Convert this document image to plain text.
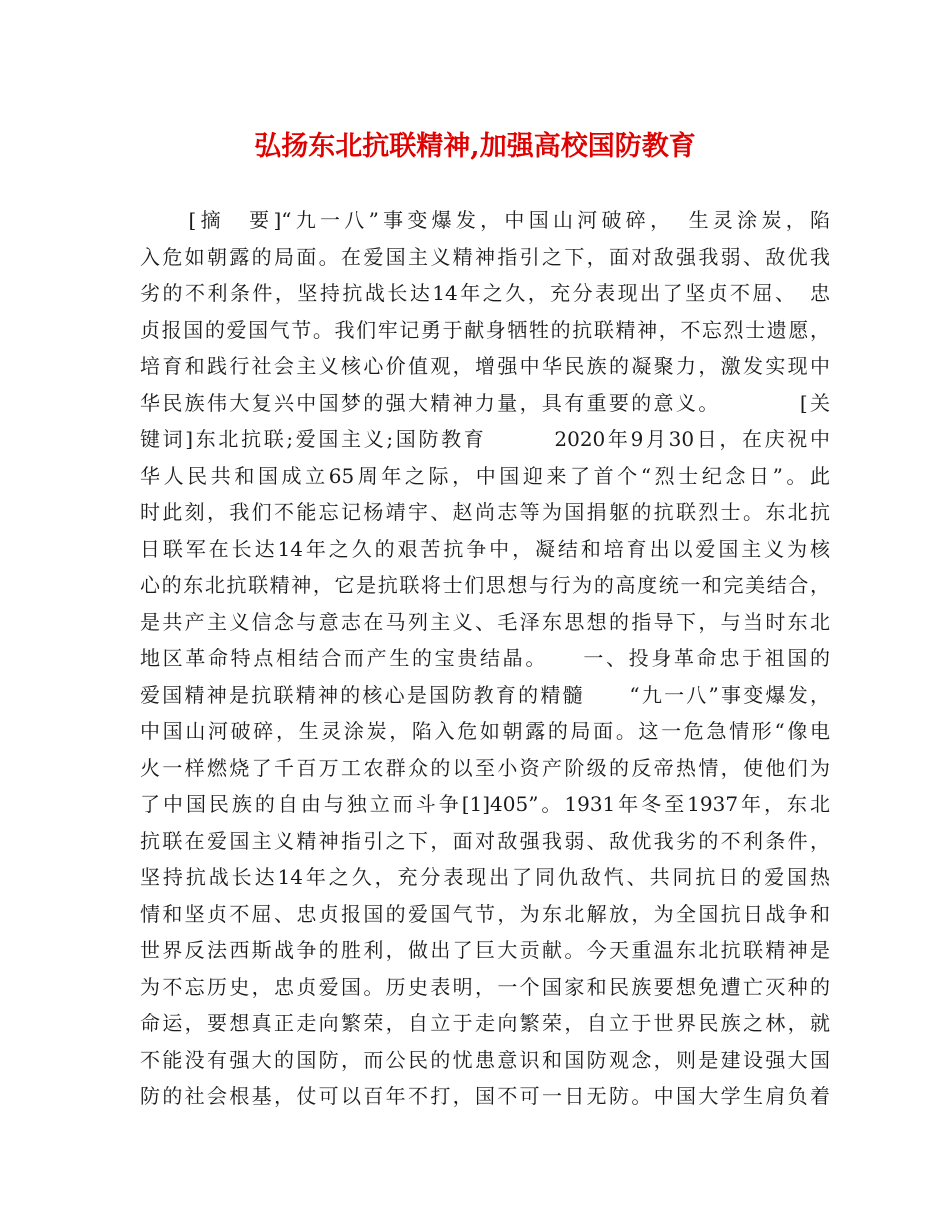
弘扬东北抗联精神,加强高校国防教育
　　[摘　要]“九一八”事变爆发，中国山河破碎，　生灵涂炭，陷
入危如朝露的局面。在爱国主义精神指引之下，面对敌强我弱、敌优我
劣的不利条件，坚持抗战长达14年之久，充分表现出了坚贞不屈、　忠
贞报国的爱国气节。我们牢记勇于献身牺牲的抗联精神，不忘烈士遗愿，
培育和践行社会主义核心价值观，增强中华民族的凝聚力，激发实现中
华民族伟大复兴中国梦的强大精神力量，具有重要的意义。　　　　[关
键词]东北抗联;爱国主义;国防教育　　　2020年9月30日，在庆祝中
华人民共和国成立65周年之际，中国迎来了首个“烈士纪念日”。此
时此刻，我们不能忘记杨靖宇、赵尚志等为国捐躯的抗联烈士。东北抗
日联军在长达14年之久的艰苦抗争中，凝结和培育出以爱国主义为核
心的东北抗联精神，它是抗联将士们思想与行为的高度统一和完美结合，
是共产主义信念与意志在马列主义、毛泽东思想的指导下，与当时东北
地区革命特点相结合而产生的宝贵结晶。　　一、投身革命忠于祖国的
爱国精神是抗联精神的核心是国防教育的精髓　　“九一八”事变爆发，
中国山河破碎，生灵涂炭，陷入危如朝露的局面。这一危急情形“像电
火一样燃烧了千百万工农群众的以至小资产阶级的反帝热情，使他们为
了中国民族的自由与独立而斗争[1]405”。1931年冬至1937年，东北
抗联在爱国主义精神指引之下，面对敌强我弱、敌优我劣的不利条件，
坚持抗战长达14年之久，充分表现出了同仇敌忾、共同抗日的爱国热
情和坚贞不屈、忠贞报国的爱国气节，为东北解放，为全国抗日战争和
世界反法西斯战争的胜利，做出了巨大贡献。今天重温东北抗联精神是
为不忘历史，忠贞爱国。历史表明，一个国家和民族要想免遭亡灭种的
命运，要想真正走向繁荣，自立于走向繁荣，自立于世界民族之林，就
不能没有强大的国防，而公民的忧患意识和国防观念，则是建设强大国
防的社会根基，仗可以百年不打，国不可一日无防。中国大学生肩负着
